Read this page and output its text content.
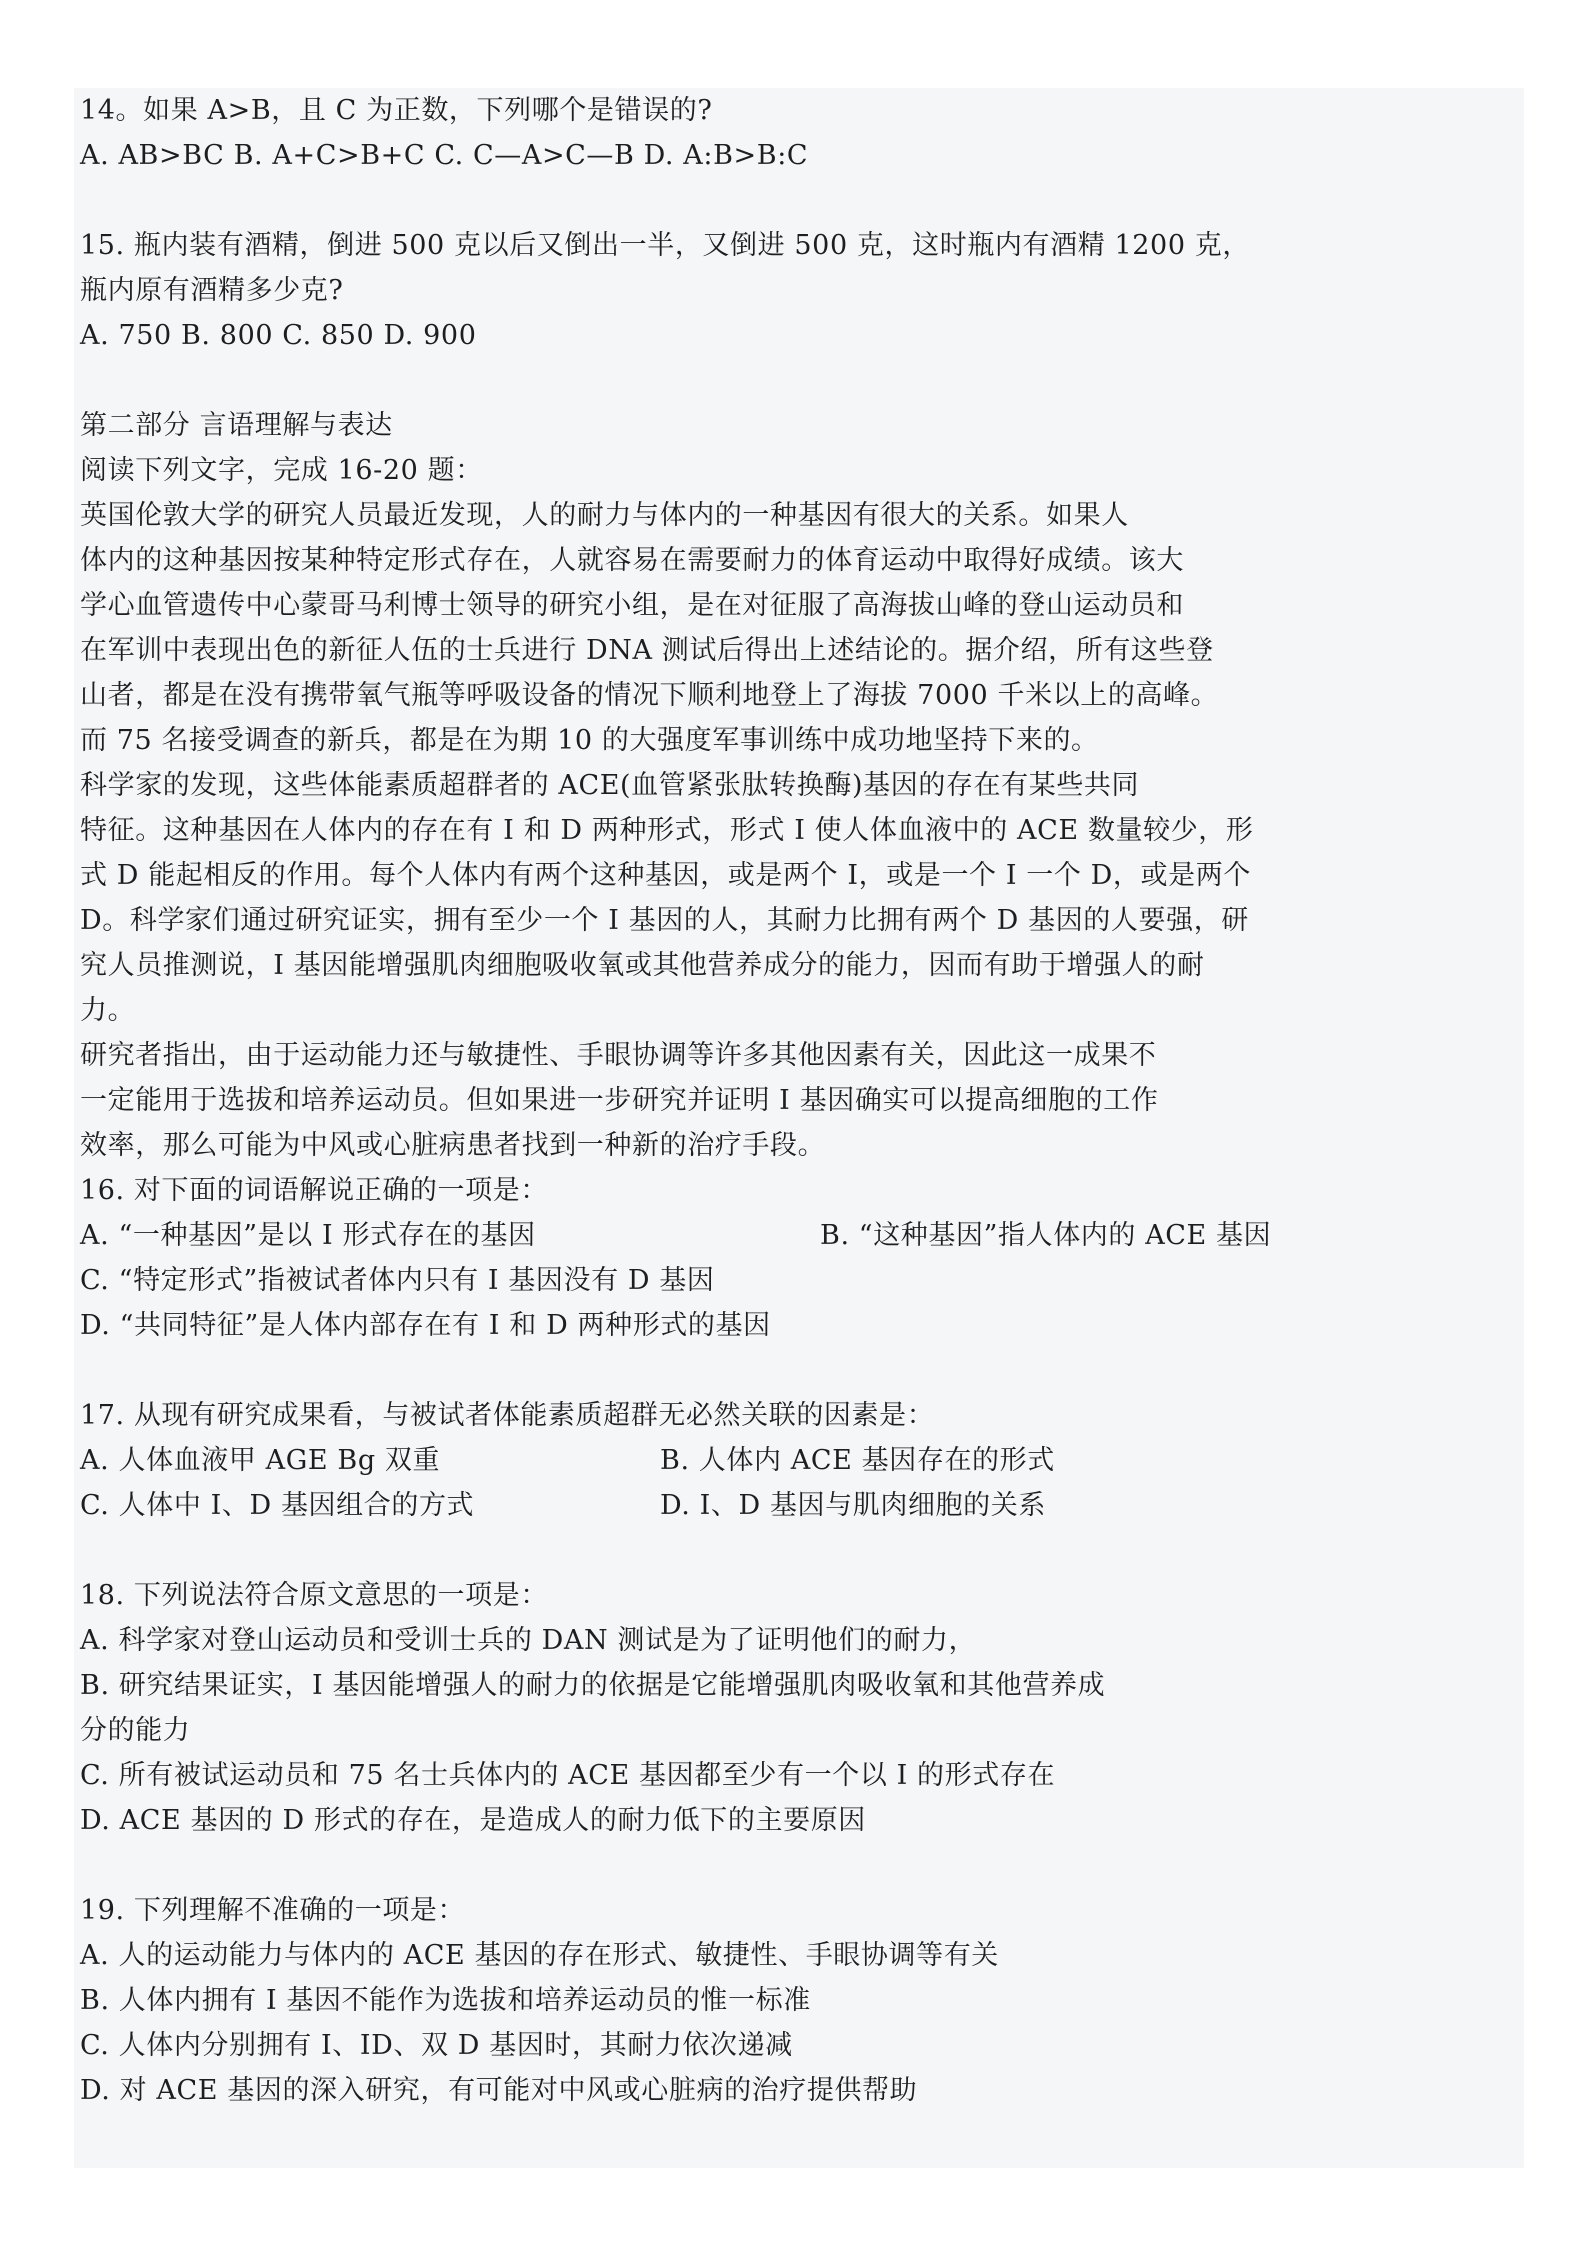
14。如果 A>B，且 C 为正数，下列哪个是错误的?
A. AB>BC B. A+C>B+C C. C—A>C—B D. A:B>B:C
15. 瓶内装有酒精，倒进 500 克以后又倒出一半，又倒进 500 克，这时瓶内有酒精 1200 克，
瓶内原有酒精多少克?
A. 750 B. 800 C. 850 D. 900
第二部分 言语理解与表达
阅读下列文字，完成 16-20 题：
英国伦敦大学的研究人员最近发现，人的耐力与体内的一种基因有很大的关系。如果人
体内的这种基因按某种特定形式存在，人就容易在需要耐力的体育运动中取得好成绩。该大
学心血管遗传中心蒙哥马利博士领导的研究小组，是在对征服了高海拔山峰的登山运动员和
在军训中表现出色的新征人伍的士兵进行 DNA 测试后得出上述结论的。据介绍，所有这些登
山者，都是在没有携带氧气瓶等呼吸设备的情况下顺利地登上了海拔 7000 千米以上的高峰。
而 75 名接受调查的新兵，都是在为期 10 的大强度军事训练中成功地坚持下来的。
科学家的发现，这些体能素质超群者的 ACE(血管紧张肽转换酶)基因的存在有某些共同
特征。这种基因在人体内的存在有 I 和 D 两种形式，形式 I 使人体血液中的 ACE 数量较少，形
式 D 能起相反的作用。每个人体内有两个这种基因，或是两个 I，或是一个 I 一个 D，或是两个
D。科学家们通过研究证实，拥有至少一个 I 基因的人，其耐力比拥有两个 D 基因的人要强，研
究人员推测说，I 基因能增强肌肉细胞吸收氧或其他营养成分的能力，因而有助于增强人的耐
力。
研究者指出，由于运动能力还与敏捷性、手眼协调等许多其他因素有关，因此这一成果不
一定能用于选拔和培养运动员。但如果进一步研究并证明 I 基因确实可以提高细胞的工作
效率，那么可能为中风或心脏病患者找到一种新的治疗手段。
16. 对下面的词语解说正确的一项是：
A. “一种基因”是以 I 形式存在的基因	B. “这种基因”指人体内的 ACE 基因
C. “特定形式”指被试者体内只有 I 基因没有 D 基因
D. “共同特征”是人体内部存在有 I 和 D 两种形式的基因
17. 从现有研究成果看，与被试者体能素质超群无必然关联的因素是：
A. 人体血液甲 AGE Bg 双重	B. 人体内 ACE 基因存在的形式
C. 人体中 I、D 基因组合的方式	D. I、D 基因与肌肉细胞的关系
18. 下列说法符合原文意思的一项是：
A. 科学家对登山运动员和受训士兵的 DAN 测试是为了证明他们的耐力，
B. 研究结果证实，I 基因能增强人的耐力的依据是它能增强肌肉吸收氧和其他营养成
分的能力
C. 所有被试运动员和 75 名士兵体内的 ACE 基因都至少有一个以 I 的形式存在
D. ACE 基因的 D 形式的存在，是造成人的耐力低下的主要原因
19. 下列理解不准确的一项是：
A. 人的运动能力与体内的 ACE 基因的存在形式、敏捷性、手眼协调等有关
B. 人体内拥有 I 基因不能作为选拔和培养运动员的惟一标准
C. 人体内分别拥有 I、ID、双 D 基因时，其耐力依次递减
D. 对 ACE 基因的深入研究，有可能对中风或心脏病的治疗提供帮助
